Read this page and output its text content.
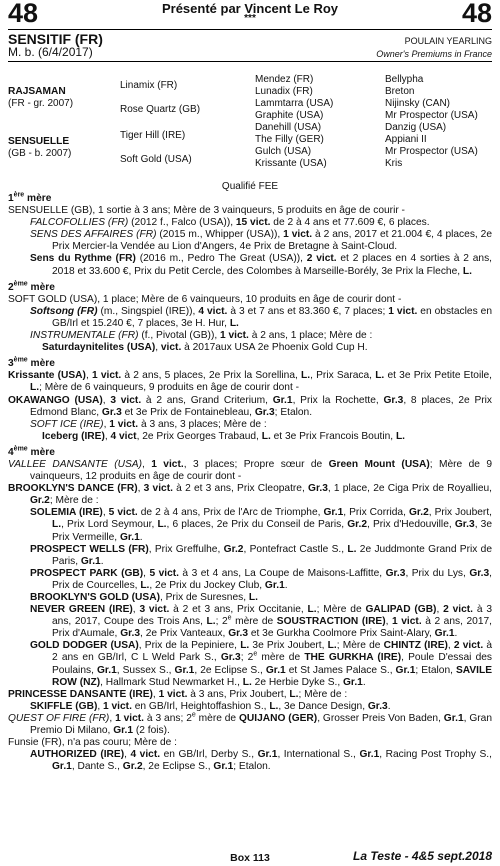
48	48
Présenté par Vincent Le Roy
***
SENSITIF (FR)
M. b. (6/4/2017)
POULAIN YEARLING
Owner's Premiums in France
RAJSAMAN
(FR - gr. 2007)
SENSUELLE
(GB - b. 2007)
Linamix (FR)
Rose Quartz (GB)
Tiger Hill (IRE)
Soft Gold (USA)
Mendez (FR)
Lunadix (FR)
Lammtarra (USA)
Graphite (USA)
Danehill (USA)
The Filly (GER)
Gulch (USA)
Krissante (USA)
Bellypha
Breton
Nijinsky (CAN)
Mr Prospector (USA)
Danzig (USA)
Appiani II
Mr Prospector (USA)
Kris
Qualifié FEE

1ère mère

SENSUELLE (GB), 1 sortie à 3 ans; Mère de 3 vainqueurs, 5 produits en âge de courir -

FALCOFOLLIES (FR) (2012 f., Falco (USA)), 15 vict. de 2 à 4 ans et 77.609 €, 6 places.

SENS DES AFFAIRES (FR) (2015 m., Whipper (USA)), 1 vict. à 2 ans, 2017 et 21.004 €, 4 places, 2e Prix Mercier-la Vendée au Lion d'Angers, 4e Prix de Bretagne à Saint-Cloud.

Sens du Rythme (FR) (2016 m., Pedro The Great (USA)), 2 vict. et 2 places en 4 sorties à 2 ans, 2018 et 33.600 €, Prix du Petit Cercle, des Colombes à Marseille-Borély, 3e Prix la Fleche, L.

2ème mère

SOFT GOLD (USA), 1 place; Mère de 6 vainqueurs, 10 produits en âge de courir dont -

Softsong (FR) (m., Singspiel (IRE)), 4 vict. à 3 et 7 ans et 83.360 €, 7 places; 1 vict. en obstacles en GB/Irl et 15.240 €, 7 places, 3e H. Hur, L.

INSTRUMENTALE (FR) (f., Pivotal (GB)), 1 vict. à 2 ans, 1 place; Mère de :

Saturdaynitelites (USA), vict. à 2017aux USA 2e Phoenix Gold Cup H.

3ème mère

Krissante (USA), 1 vict. à 2 ans, 5 places, 2e Prix la Sorellina, L., Prix Saraca, L. et 3e Prix Petite Etoile, L.; Mère de 6 vainqueurs, 9 produits en âge de courir dont -

OKAWANGO (USA), 3 vict. à 2 ans, Grand Criterium, Gr.1, Prix la Rochette, Gr.3, 8 places, 2e Prix Edmond Blanc, Gr.3 et 3e Prix de Fontainebleau, Gr.3; Etalon.

SOFT ICE (IRE), 1 vict. à 3 ans, 3 places; Mère de :

Iceberg (IRE), 4 vict, 2e Prix Georges Trabaud, L. et 3e Prix Francois Boutin, L.

4ème mère

VALLEE DANSANTE (USA), 1 vict., 3 places; Propre sœur de Green Mount (USA); Mère de 9 vainqueurs, 12 produits en âge de courir dont -

BROOKLYN'S DANCE (FR), 3 vict. à 2 et 3 ans, Prix Cleopatre, Gr.3, 1 place, 2e Ciga Prix de Royallieu, Gr.2; Mère de :

SOLEMIA (IRE), 5 vict. de 2 à 4 ans, Prix de l'Arc de Triomphe, Gr.1, Prix Corrida, Gr.2, Prix Joubert, L., Prix Lord Seymour, L., 6 places, 2e Prix du Conseil de Paris, Gr.2, Prix d'Hedouville, Gr.3, 3e Prix Vermeille, Gr.1.

PROSPECT WELLS (FR), Prix Greffulhe, Gr.2, Pontefract Castle S., L. 2e Juddmonte Grand Prix de Paris, Gr.1.

PROSPECT PARK (GB), 5 vict. à 3 et 4 ans, La Coupe de Maisons-Laffitte, Gr.3, Prix du Lys, Gr.3, Prix de Courcelles, L., 2e Prix du Jockey Club, Gr.1.

BROOKLYN'S GOLD (USA), Prix de Suresnes, L.

NEVER GREEN (IRE), 3 vict. à 2 et 3 ans, Prix Occitanie, L.; Mère de GALIPAD (GB), 2 vict. à 3 ans, 2017, Coupe des Trois Ans, L.; 2e mère de SOUSTRACTION (IRE), 1 vict. à 2 ans, 2017, Prix d'Aumale, Gr.3, 2e Prix Vanteaux, Gr.3 et 3e Gurkha Coolmore Prix Saint-Alary, Gr.1.

GOLD DODGER (USA), Prix de la Pepiniere, L. 3e Prix Joubert, L.; Mère de CHINTZ (IRE), 2 vict. à 2 ans en GB/Irl, C L Weld Park S., Gr.3; 2e mère de THE GURKHA (IRE), Poule D'essai des Poulains, Gr.1, Sussex S., Gr.1, 2e Eclipse S., Gr.1 et St James Palace S., Gr.1; Etalon, SAVILE ROW (NZ), Hallmark Stud Newmarket H., L. 2e Herbie Dyke S., Gr.1.

PRINCESSE DANSANTE (IRE), 1 vict. à 3 ans, Prix Joubert, L.; Mère de :

SKIFFLE (GB), 1 vict. en GB/Irl, Heightoffashion S., L., 3e Dance Design, Gr.3.

QUEST OF FIRE (FR), 1 vict. à 3 ans; 2e mère de QUIJANO (GER), Grosser Preis Von Baden, Gr.1, Gran Premio Di Milano, Gr.1 (2 fois).

Funsie (FR), n'a pas couru; Mère de :

AUTHORIZED (IRE), 4 vict. en GB/Irl, Derby S., Gr.1, International S., Gr.1, Racing Post Trophy S., Gr.1, Dante S., Gr.2, 2e Eclipse S., Gr.1; Etalon.

Box 113	La Teste - 4&5 sept.2018
